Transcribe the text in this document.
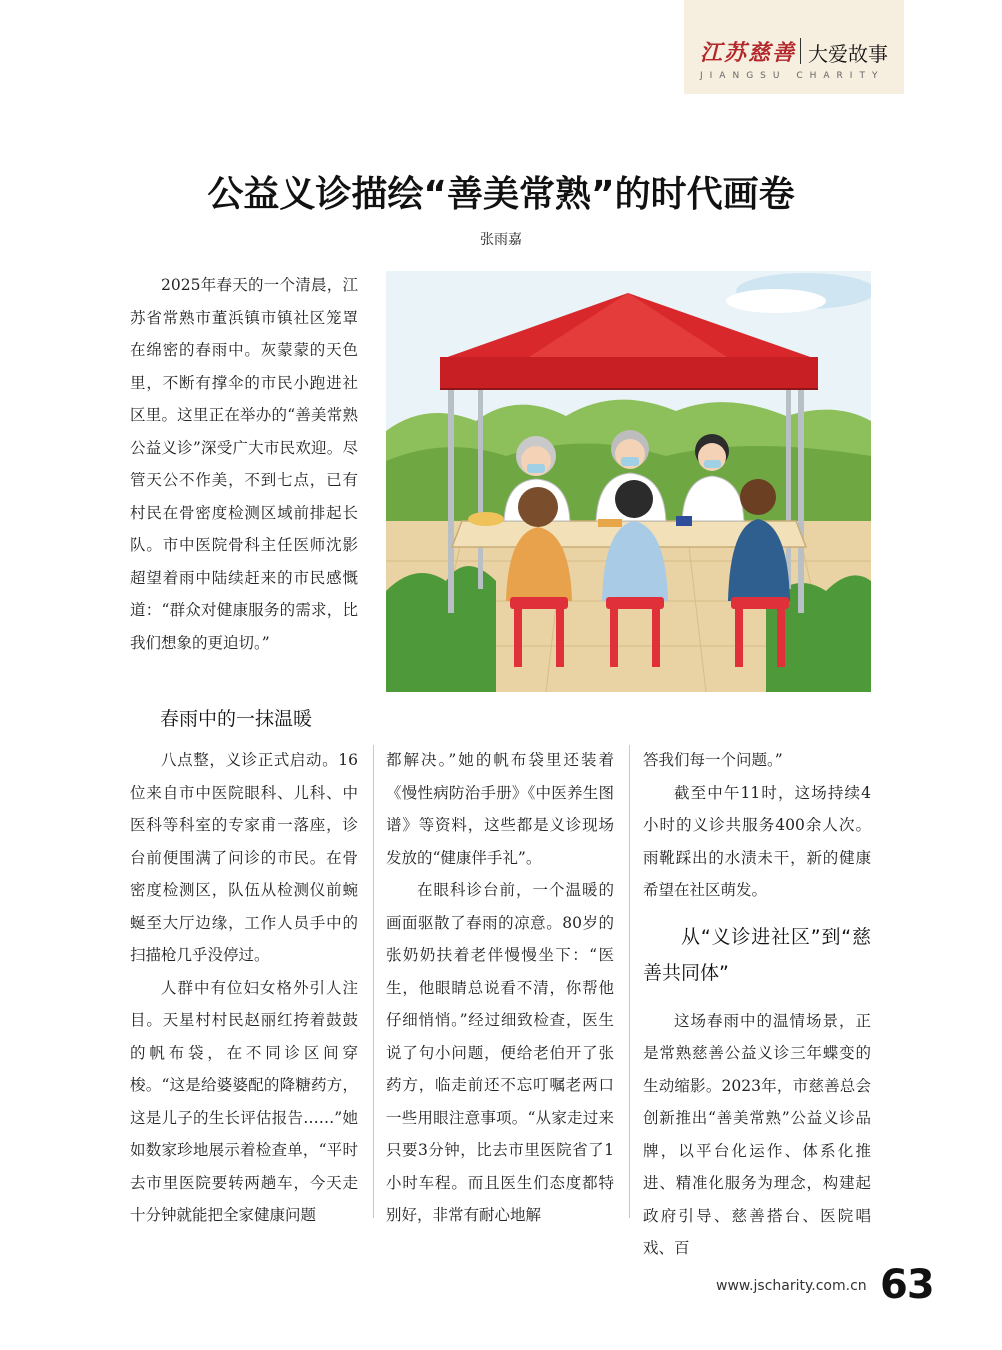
江苏慈善 大爱故事
JIANGSU CHARITY
公益义诊描绘“善美常熟”的时代画卷
张雨嘉

2025年春天的一个清晨，江苏省常熟市董浜镇市镇社区笼罩在绵密的春雨中。灰蒙蒙的天色里，不断有撑伞的市民小跑进社区里。这里正在举办的“善美常熟 公益义诊”深受广大市民欢迎。尽管天公不作美，不到七点，已有村民在骨密度检测区域前排起长队。市中医院骨科主任医师沈影超望着雨中陆续赶来的市民感慨道：“群众对健康服务的需求，比我们想象的更迫切。”

春雨中的一抹温暖

八点整，义诊正式启动。16位来自市中医院眼科、儿科、中医科等科室的专家甫一落座，诊台前便围满了问诊的市民。在骨密度检测区，队伍从检测仪前蜿蜒至大厅边缘，工作人员手中的扫描枪几乎没停过。

人群中有位妇女格外引人注目。天星村村民赵丽红挎着鼓鼓的帆布袋，在不同诊区间穿梭。“这是给婆婆配的降糖药方，这是儿子的生长评估报告……”她如数家珍地展示着检查单，“平时去市里医院要转两趟车，今天走十分钟就能把全家健康问题

都解决。”她的帆布袋里还装着《慢性病防治手册》《中医养生图谱》等资料，这些都是义诊现场发放的“健康伴手礼”。

在眼科诊台前，一个温暖的画面驱散了春雨的凉意。80岁的张奶奶扶着老伴慢慢坐下：“医生，他眼睛总说看不清，你帮他仔细悄悄。”经过细致检查，医生说了句小问题，便给老伯开了张药方，临走前还不忘叮嘱老两口一些用眼注意事项。“从家走过来只要3分钟，比去市里医院省了1小时车程。而且医生们态度都特别好，非常有耐心地解

答我们每一个问题。”

截至中午11时，这场持续4小时的义诊共服务400余人次。雨靴踩出的水渍未干，新的健康希望在社区萌发。

从“义诊进社区”到“慈善共同体”

这场春雨中的温情场景，正是常熟慈善公益义诊三年蝶变的生动缩影。2023年，市慈善总会创新推出“善美常熟”公益义诊品牌，以平台化运作、体系化推进、精准化服务为理念，构建起政府引导、慈善搭台、医院唱戏、百

www.jscharity.com.cn 63
